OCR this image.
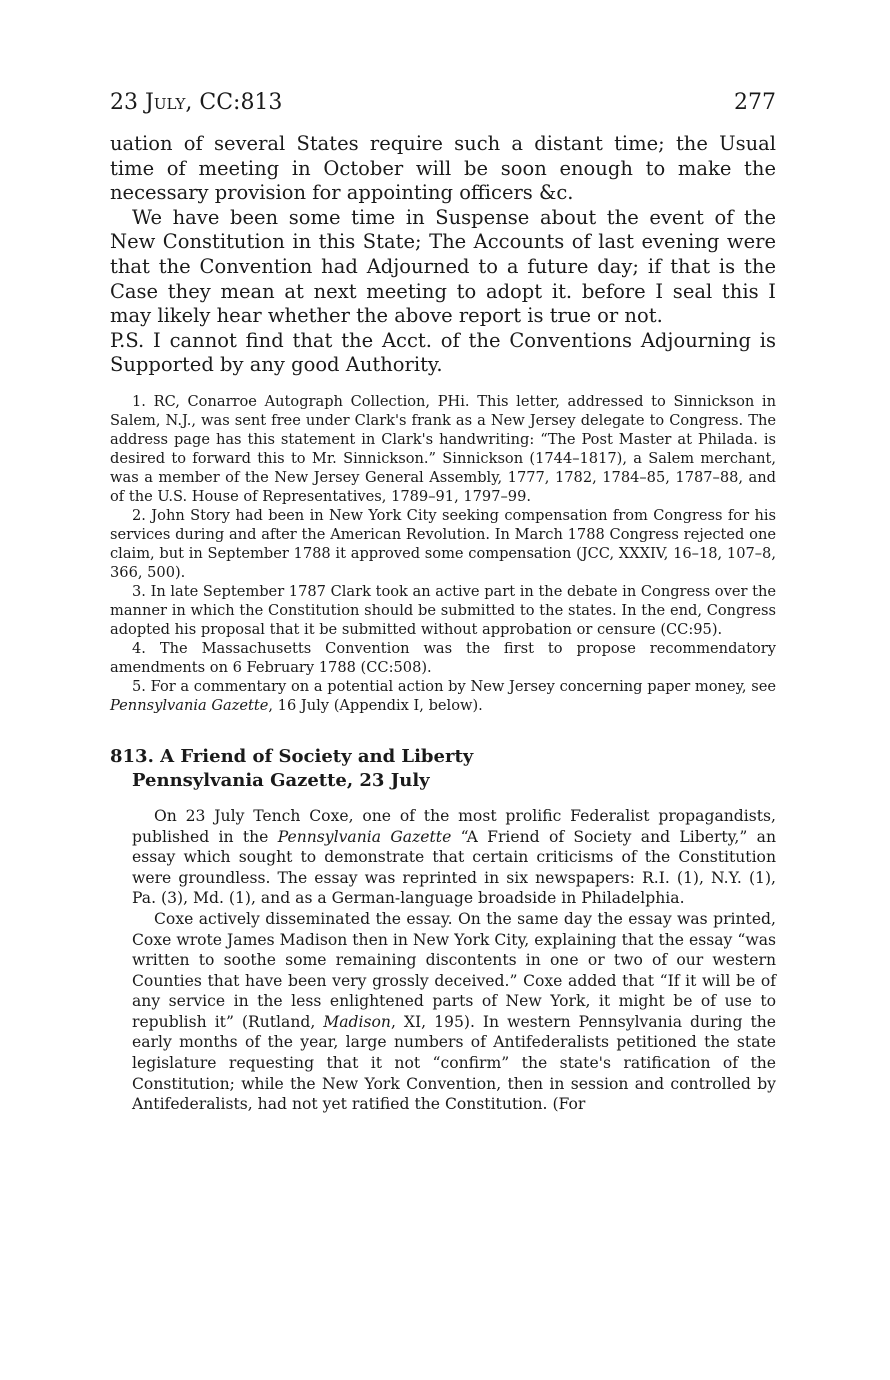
23 July, CC:813	277

uation of several States require such a distant time; the Usual time of meeting in October will be soon enough to make the necessary provision for appointing officers &c.

We have been some time in Suspense about the event of the New Constitution in this State; The Accounts of last evening were that the Convention had Adjourned to a future day; if that is the Case they mean at next meeting to adopt it. before I seal this I may likely hear whether the above report is true or not.

P.S. I cannot find that the Acct. of the Conventions Adjourning is Supported by any good Authority.

1. RC, Conarroe Autograph Collection, PHi. This letter, addressed to Sinnickson in Salem, N.J., was sent free under Clark's frank as a New Jersey delegate to Congress. The address page has this statement in Clark's handwriting: “The Post Master at Philada. is desired to forward this to Mr. Sinnickson.” Sinnickson (1744–1817), a Salem merchant, was a member of the New Jersey General Assembly, 1777, 1782, 1784–85, 1787–88, and of the U.S. House of Representatives, 1789–91, 1797–99.

2. John Story had been in New York City seeking compensation from Congress for his services during and after the American Revolution. In March 1788 Congress rejected one claim, but in September 1788 it approved some compensation (JCC, XXXIV, 16–18, 107–8, 366, 500).

3. In late September 1787 Clark took an active part in the debate in Congress over the manner in which the Constitution should be submitted to the states. In the end, Congress adopted his proposal that it be submitted without approbation or censure (CC:95).

4. The Massachusetts Convention was the first to propose recommendatory amendments on 6 February 1788 (CC:508).

5. For a commentary on a potential action by New Jersey concerning paper money, see Pennsylvania Gazette, 16 July (Appendix I, below).

813. A Friend of Society and Liberty
Pennsylvania Gazette, 23 July

On 23 July Tench Coxe, one of the most prolific Federalist propagandists, published in the Pennsylvania Gazette “A Friend of Society and Liberty,” an essay which sought to demonstrate that certain criticisms of the Constitution were groundless. The essay was reprinted in six newspapers: R.I. (1), N.Y. (1), Pa. (3), Md. (1), and as a German-language broadside in Philadelphia.

Coxe actively disseminated the essay. On the same day the essay was printed, Coxe wrote James Madison then in New York City, explaining that the essay “was written to soothe some remaining discontents in one or two of our western Counties that have been very grossly deceived.” Coxe added that “If it will be of any service in the less enlightened parts of New York, it might be of use to republish it” (Rutland, Madison, XI, 195). In western Pennsylvania during the early months of the year, large numbers of Antifederalists petitioned the state legislature requesting that it not “confirm” the state's ratification of the Constitution; while the New York Convention, then in session and controlled by Antifederalists, had not yet ratified the Constitution. (For
